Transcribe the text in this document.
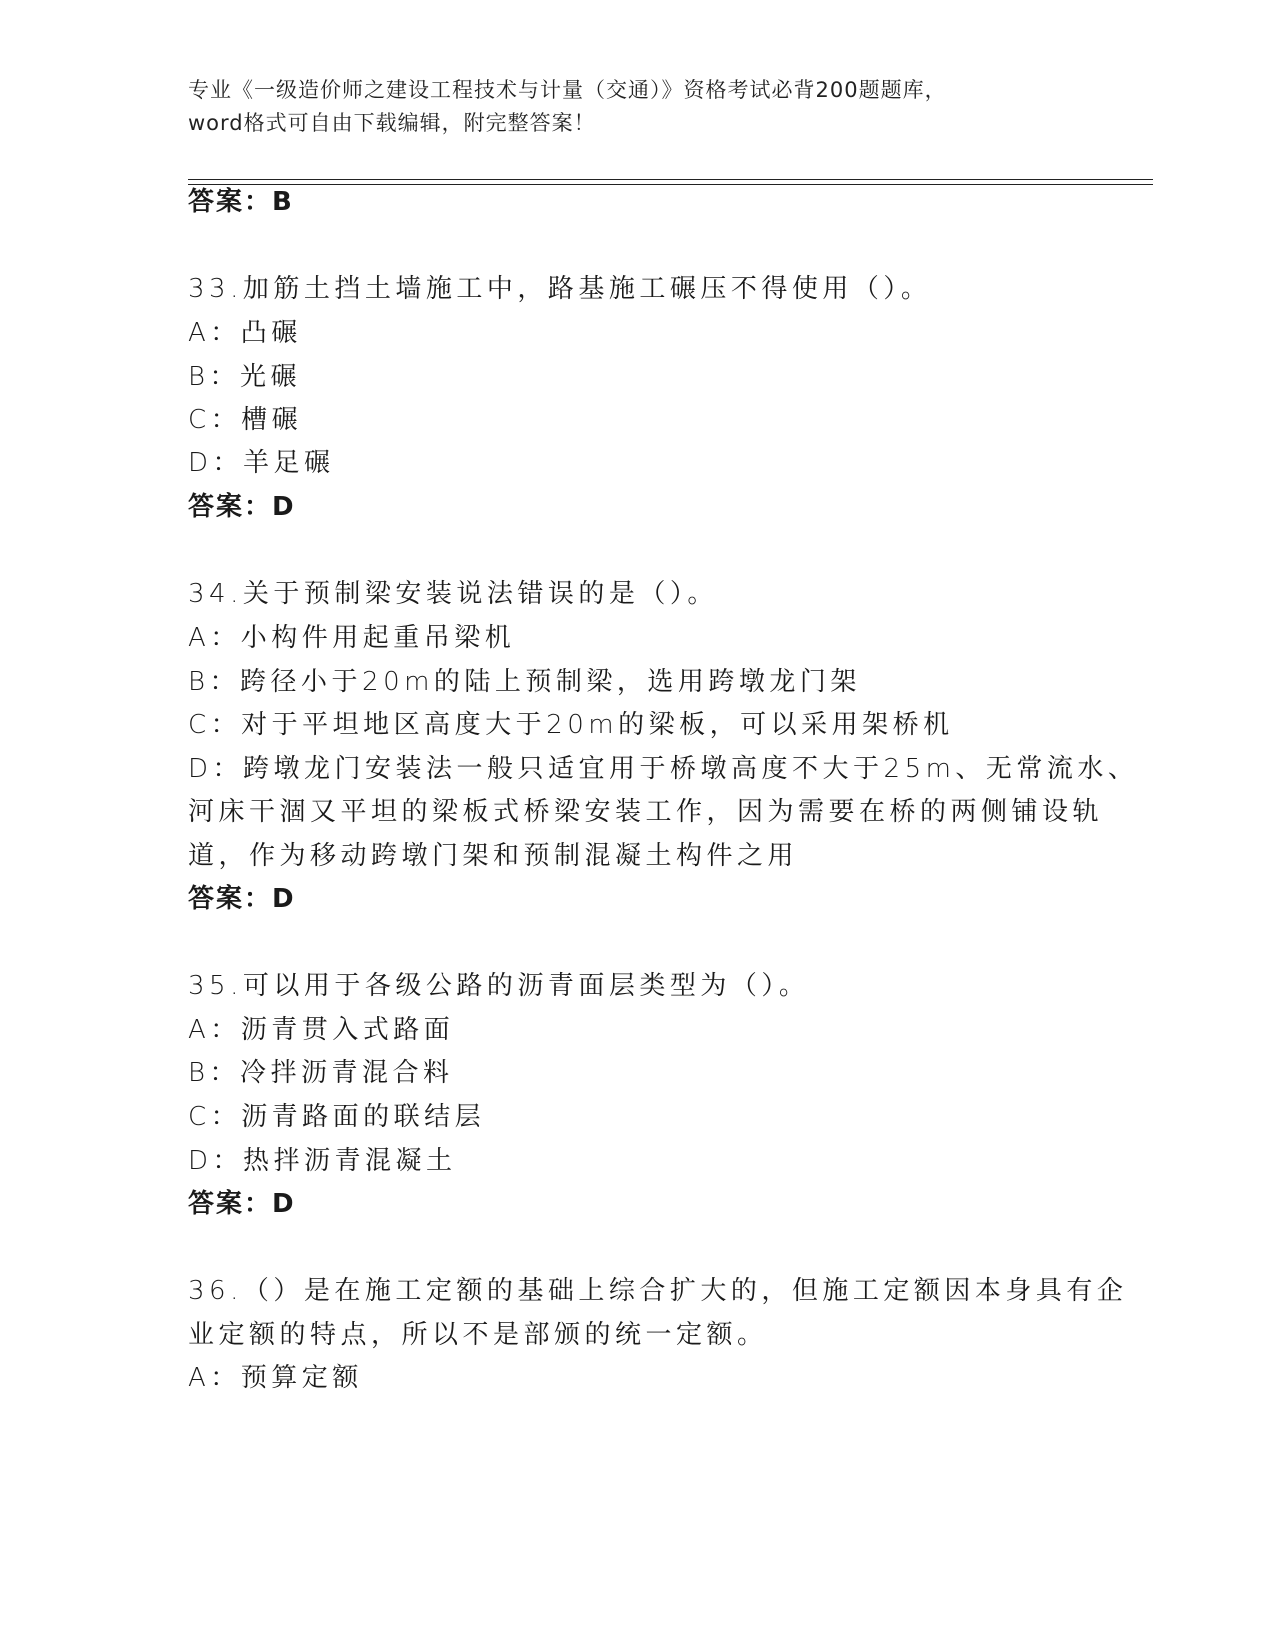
专业《一级造价师之建设工程技术与计量（交通）》资格考试必背200题题库，
word格式可自由下载编辑，附完整答案！
答案：B
33.加筋土挡土墙施工中，路基施工碾压不得使用（）。
A：凸碾
B：光碾
C：槽碾
D：羊足碾
答案：D
34.关于预制梁安装说法错误的是（）。
A：小构件用起重吊梁机
B：跨径小于20m的陆上预制梁，选用跨墩龙门架
C：对于平坦地区高度大于20m的梁板，可以采用架桥机
D：跨墩龙门安装法一般只适宜用于桥墩高度不大于25m、无常流水、
河床干涸又平坦的梁板式桥梁安装工作，因为需要在桥的两侧铺设轨
道，作为移动跨墩门架和预制混凝土构件之用
答案：D
35.可以用于各级公路的沥青面层类型为（）。
A：沥青贯入式路面
B：冷拌沥青混合料
C：沥青路面的联结层
D：热拌沥青混凝土
答案：D
36.（）是在施工定额的基础上综合扩大的，但施工定额因本身具有企
业定额的特点，所以不是部颁的统一定额。
A：预算定额
